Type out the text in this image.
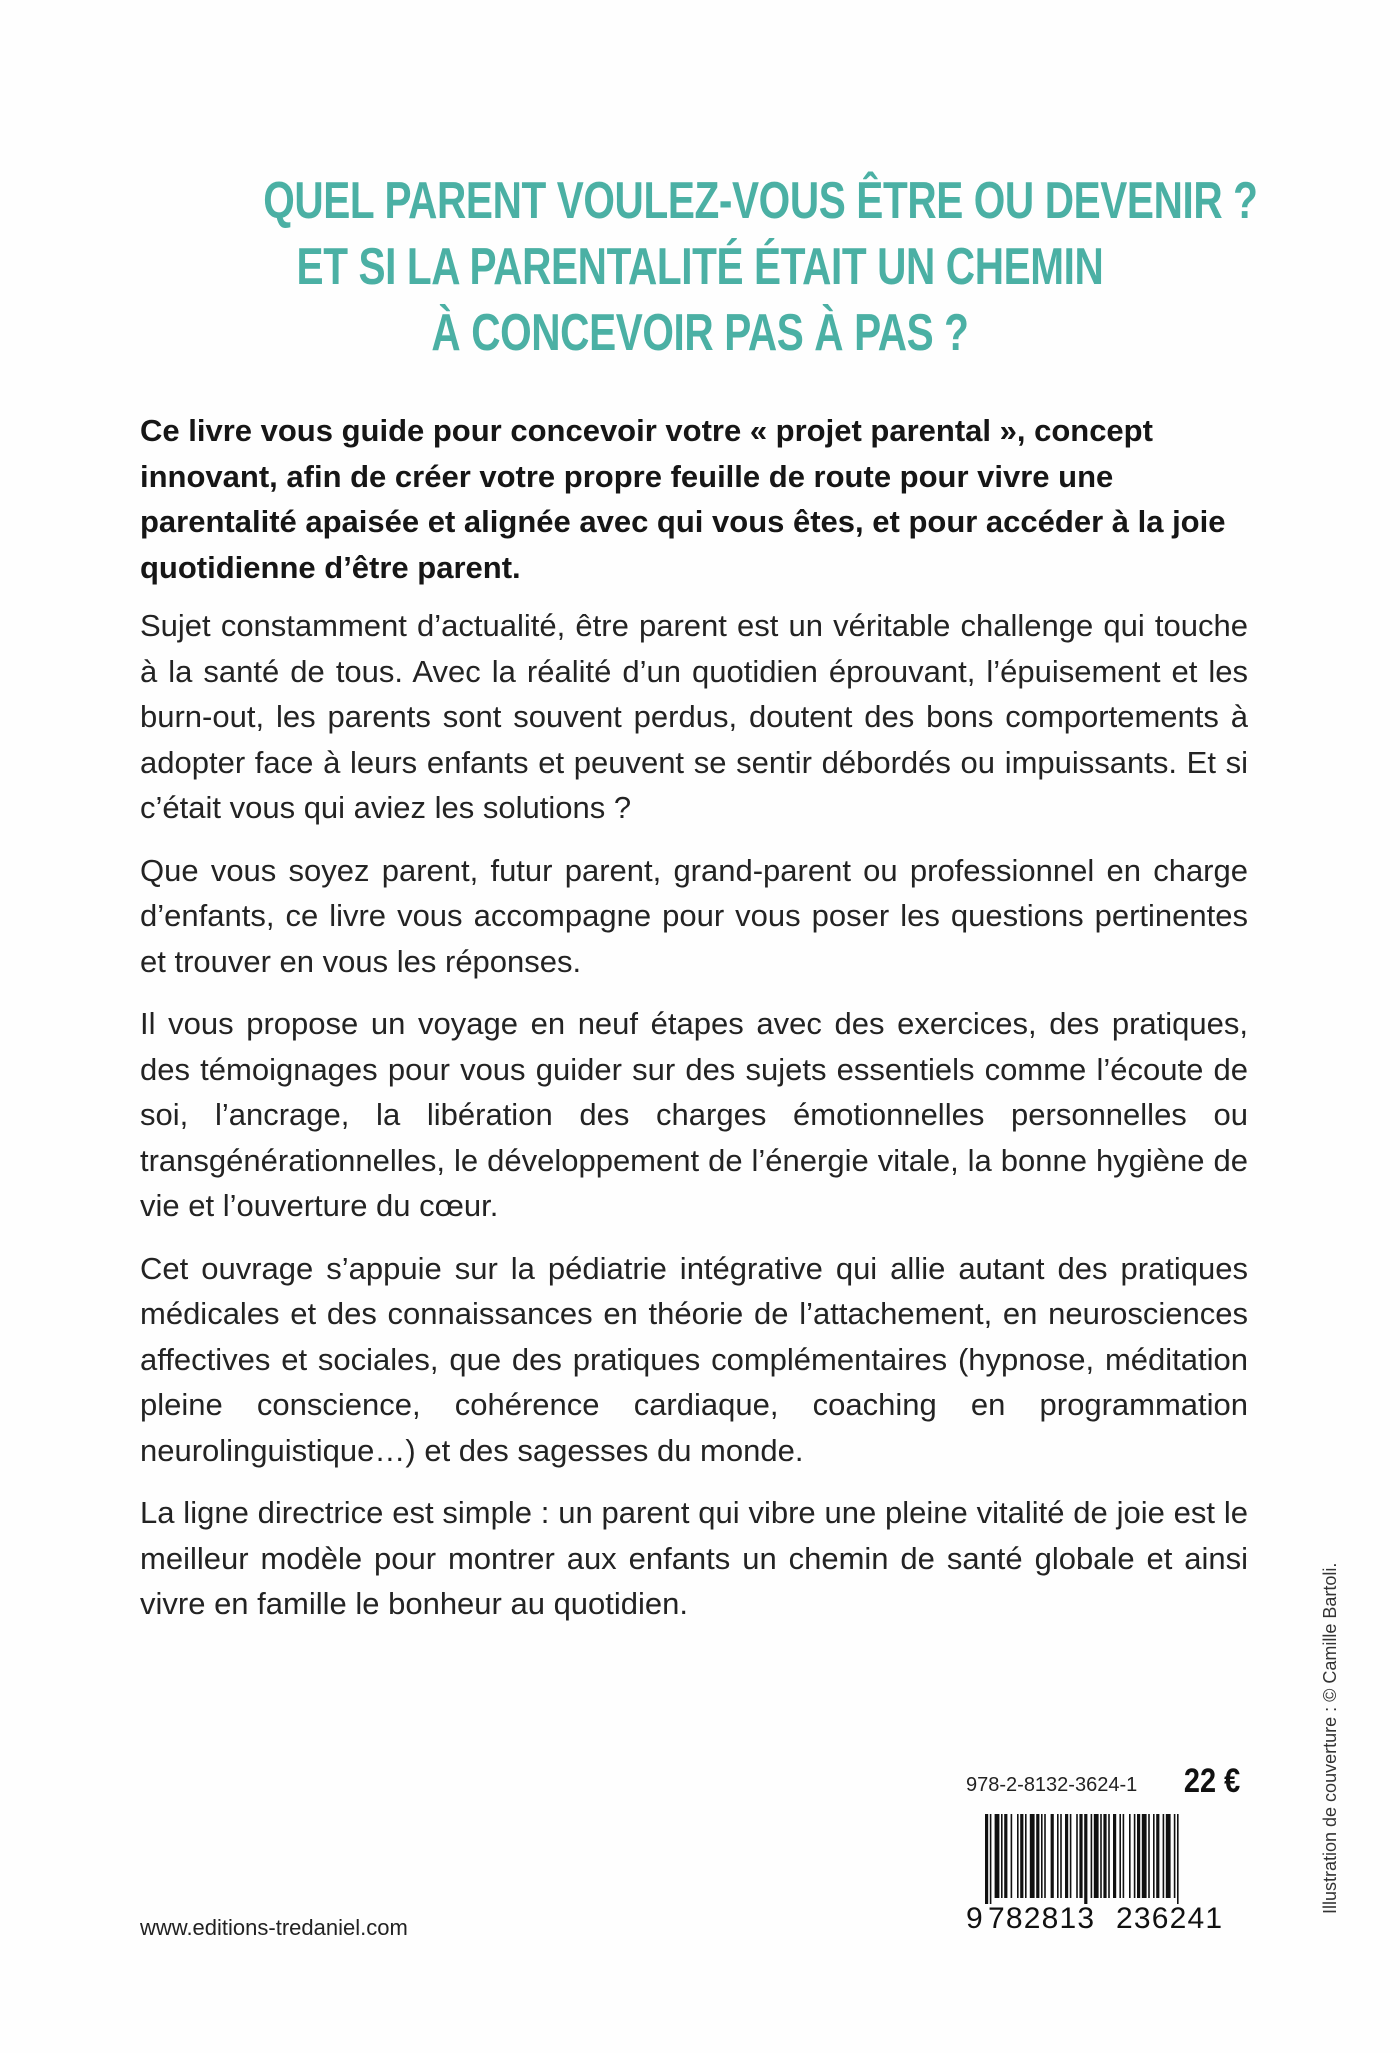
QUEL PARENT VOULEZ-VOUS ÊTRE OU DEVENIR ?
ET SI LA PARENTALITÉ ÉTAIT UN CHEMIN
À CONCEVOIR PAS À PAS ?

Ce livre vous guide pour concevoir votre « projet parental », concept innovant, afin de créer votre propre feuille de route pour vivre une parentalité apaisée et alignée avec qui vous êtes, et pour accéder à la joie quotidienne d’être parent.

Sujet constamment d’actualité, être parent est un véritable challenge qui touche à la santé de tous. Avec la réalité d’un quotidien éprouvant, l’épuisement et les burn-out, les parents sont souvent perdus, doutent des bons comportements à adopter face à leurs enfants et peuvent se sentir débordés ou impuissants. Et si c’était vous qui aviez les solutions ?

Que vous soyez parent, futur parent, grand-parent ou professionnel en charge d’enfants, ce livre vous accompagne pour vous poser les questions pertinentes et trouver en vous les réponses.

Il vous propose un voyage en neuf étapes avec des exercices, des pratiques, des témoignages pour vous guider sur des sujets essentiels comme l’écoute de soi, l’ancrage, la libération des charges émotionnelles personnelles ou transgénérationnelles, le développement de l’énergie vitale, la bonne hygiène de vie et l’ouverture du cœur.

Cet ouvrage s’appuie sur la pédiatrie intégrative qui allie autant des pratiques médicales et des connaissances en théorie de l’attachement, en neurosciences affectives et sociales, que des pratiques complémentaires (hypnose, méditation pleine conscience, cohérence cardiaque, coaching en programmation neurolinguistique…) et des sagesses du monde.

La ligne directrice est simple : un parent qui vibre une pleine vitalité de joie est le meilleur modèle pour montrer aux enfants un chemin de santé globale et ainsi vivre en famille le bonheur au quotidien.	Illustration de couverture : © Camille Bartoli.
978-2-8132-3624-1 22 €
9 782813 236241
www.editions-tredaniel.com
